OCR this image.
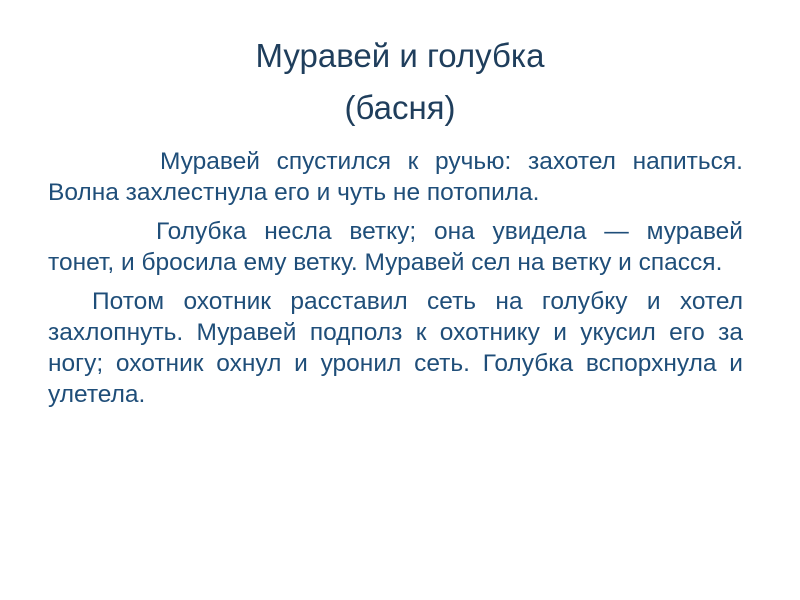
Муравей и голубка
(басня)

Муравей спустился к ручью: захотел напиться. Волна захлестнула его и чуть не потопила.

Голубка несла ветку; она увидела — муравей тонет, и бросила ему ветку. Муравей сел на ветку и спасся.

Потом охотник расставил сеть на голубку и хотел захлопнуть. Муравей подполз к охотнику и укусил его за ногу; охотник охнул и уронил сеть. Голубка вспорхнула и улетела.
